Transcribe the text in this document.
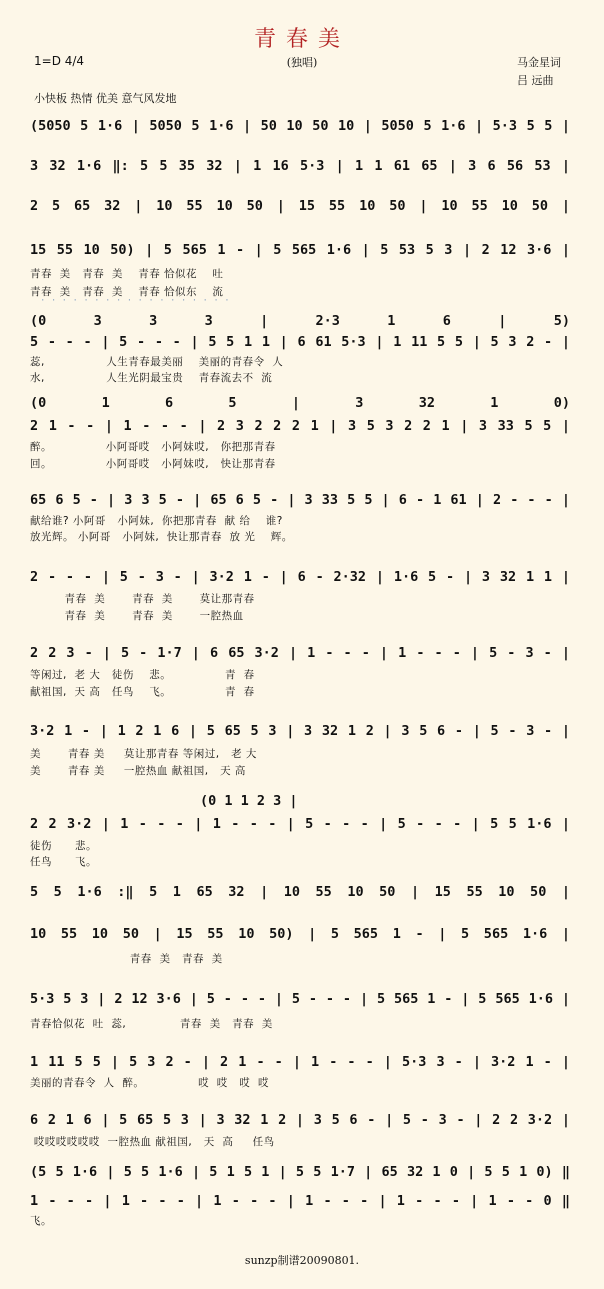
青春美
1=D 4/4	(独唱)	马金星词
吕 远曲
小快板 热情 优美 意气风发地
· · · · · · · · · · · · · · · · · ·
(5050 5 1·6 | 5050 5 1·6 | 50 10 50 10 | 5050 5 1·6 | 5·3 5 5 |
3 32 1·6 ‖: 5 5 35 32 | 1 16 5·3 | 1 1 61 65 | 3 6 56 53 |
2 5 65 32 | 10 55 10 50 | 15 55 10 50 | 10 55 10 50 |
15 55 10 50) | 5 565 1 - | 5 565 1·6 | 5 53 5 3 | 2 12 3·6 |
青春  美   青春  美    青春 恰似花    吐
青春  美   青春  美    青春 恰似东    流
(0 3 3 3 | 2·3 1 6 | 5)
5 - - - | 5 - - - | 5 5 1 1 | 6 61 5·3 | 1 11 5 5 | 5 3 2 - |
蕊,                人生青春最美丽    美丽的青春令  人
水,                人生光阴最宝贵    青春流去不  流
(0 1 6 5 | 3 32 1 0)
2 1 - - | 1 - - - | 2 3 2 2 2 1 | 3 5 3 2 2 1 | 3 33 5 5 |
醉。              小阿哥哎   小阿妹哎,   你把那青春
回。              小阿哥哎   小阿妹哎,   快让那青春
65 6 5 - | 3 3 5 - | 65 6 5 - | 3 33 5 5 | 6 - 1 61 | 2 - - - |
献给谁? 小阿哥   小阿妹,  你把那青春  献 给    谁?
放光辉。 小阿哥   小阿妹,  快让那青春  放 光    辉。
2 - - - | 5 - 3 - | 3·2 1 - | 6 - 2·32 | 1·6 5 - | 3 32 1 1 |
青春  美       青春  美       莫让那青春
青春  美       青春  美       一腔热血
2 2 3 - | 5 - 1·7 | 6 65 3·2 | 1 - - - | 1 - - - | 5 - 3 - |
等闲过,  老 大   徒伤    悲。              青  春
献祖国,  天 高   任鸟    飞。              青  春
3·2 1 - | 1 2 1 6 | 5 65 5 3 | 3 32 1 2 | 3 5 6 - | 5 - 3 - |
美       青春 美     莫让那青春 等闲过,   老 大
美       青春 美     一腔热血 献祖国,   天 高
(0 1 1 2 3 |
2 2 3·2 | 1 - - - | 1 - - - | 5 - - - | 5 - - - | 5 5 1·6 |
徒伤      悲。
任鸟      飞。
5 5 1·6 :‖ 5 1 65 32 | 10 55 10 50 | 15 55 10 50 |
10 55 10 50 | 15 55 10 50) | 5 565 1 - | 5 565 1·6 |
青春  美   青春  美
5·3 5 3 | 2 12 3·6 | 5 - - - | 5 - - - | 5 565 1 - | 5 565 1·6 |
青春恰似花  吐  蕊,              青春  美   青春  美
1 11 5 5 | 5 3 2 - | 2 1 - - | 1 - - - | 5·3 3 - | 3·2 1 - |
美丽的青春令  人  醉。              哎  哎   哎  哎
6 2 1 6 | 5 65 5 3 | 3 32 1 2 | 3 5 6 - | 5 - 3 - | 2 2 3·2 |
哎哎哎哎哎哎  一腔热血 献祖国,   天  高     任鸟
(5 5 1·6 | 5 5 1·6 | 5 1 5 1 | 5 5 1·7 | 65 32 1 0 | 5 5 1 0) ‖
1 - - - | 1 - - - | 1 - - - | 1 - - - | 1 - - - | 1 - - 0 ‖
飞。
sunzp制谱20090801.
